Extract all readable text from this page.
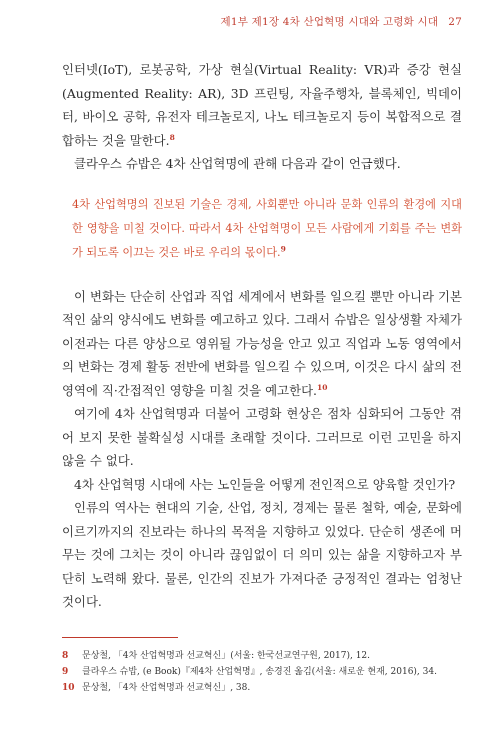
제1부 제1장 4차 산업혁명 시대와 고령화 시대 27

인터넷(IoT), 로봇공학, 가상 현실(Virtual Reality: VR)과 증강 현실(Augmented Reality: AR), 3D 프린팅, 자율주행차, 블록체인, 빅데이터, 바이오 공학, 유전자 테크놀로지, 나노 테크놀로지 등이 복합적으로 결합하는 것을 말한다.$^8$

클라우스 슈밥은 4차 산업혁명에 관해 다음과 같이 언급했다.

4차 산업혁명의 진보된 기술은 경제, 사회뿐만 아니라 문화 인류의 환경에 지대한 영향을 미칠 것이다. 따라서 4차 산업혁명이 모든 사람에게 기회를 주는 변화가 되도록 이끄는 것은 바로 우리의 몫이다.$^9$

이 변화는 단순히 산업과 직업 세계에서 변화를 일으킬 뿐만 아니라 기본적인 삶의 양식에도 변화를 예고하고 있다. 그래서 슈밥은 일상생활 자체가 이전과는 다른 양상으로 영위될 가능성을 안고 있고 직업과 노동 영역에서의 변화는 경제 활동 전반에 변화를 일으킬 수 있으며, 이것은 다시 삶의 전 영역에 직·간접적인 영향을 미칠 것을 예고한다.$^{10}$

여기에 4차 산업혁명과 더불어 고령화 현상은 점차 심화되어 그동안 겪어 보지 못한 불확실성 시대를 초래할 것이다. 그러므로 이런 고민을 하지 않을 수 없다.

4차 산업혁명 시대에 사는 노인들을 어떻게 전인적으로 양육할 것인가?

인류의 역사는 현대의 기술, 산업, 정치, 경제는 물론 철학, 예술, 문화에 이르기까지의 진보라는 하나의 목적을 지향하고 있었다. 단순히 생존에 머무는 것에 그치는 것이 아니라 끊임없이 더 의미 있는 삶을 지향하고자 부단히 노력해 왔다. 물론, 인간의 진보가 가져다준 긍정적인 결과는 엄청난 것이다.

8 문상철, 「4차 산업혁명과 선교혁신」(서울: 한국선교연구원, 2017), 12.
9 클라우스 슈밥, (e Book)『제4차 산업혁명』, 송경진 옮김(서울: 새로운 현재, 2016), 34.
10 문상철, 「4차 산업혁명과 선교혁신」, 38.
